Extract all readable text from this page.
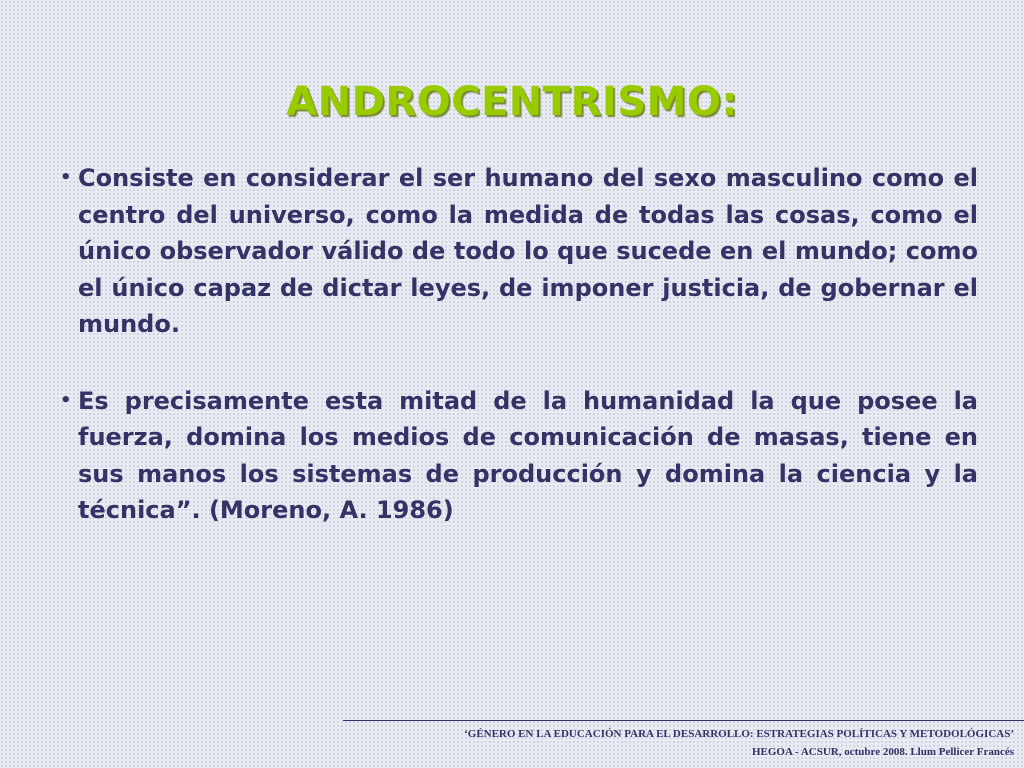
ANDROCENTRISMO:
• Consiste en considerar el ser humano del sexo masculino como el centro del universo, como la medida de todas las cosas, como el único observador válido de todo lo que sucede en el mundo; como el único capaz de dictar leyes, de imponer justicia, de gobernar el mundo.
• Es precisamente esta mitad de la humanidad la que posee la fuerza, domina los medios de comunicación de masas, tiene en sus manos los sistemas de producción y domina la ciencia y la técnica”. (Moreno, A. 1986)
‘GÉNERO EN LA EDUCACIÓN PARA EL DESARROLLO: ESTRATEGIAS POLÍTICAS Y METODOLÓGICAS’
HEGOA - ACSUR, octubre 2008. Llum Pellicer Francés
